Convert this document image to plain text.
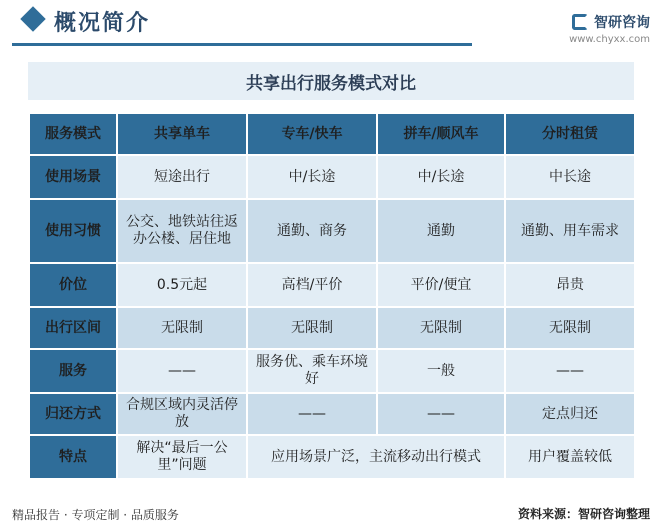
概况简介	智研咨询
www.chyxx.com
共享出行服务模式对比
服务模式	共享单车	专车/快车	拼车/顺风车	分时租赁
使用场景	短途出行	中/长途	中/长途	中长途
使用习惯	公交、地铁站往返办公楼、居住地	通勤、商务	通勤	通勤、用车需求
价位	0.5元起	高档/平价	平价/便宜	昂贵
出行区间	无限制	无限制	无限制	无限制
服务	——	服务优、乘车环境好	一般	——
归还方式	合规区域内灵活停放	——	——	定点归还
特点	解决“最后一公里”问题	应用场景广泛，主流移动出行模式		用户覆盖较低
精品报告 · 专项定制 · 品质服务	资料来源：智研咨询整理
